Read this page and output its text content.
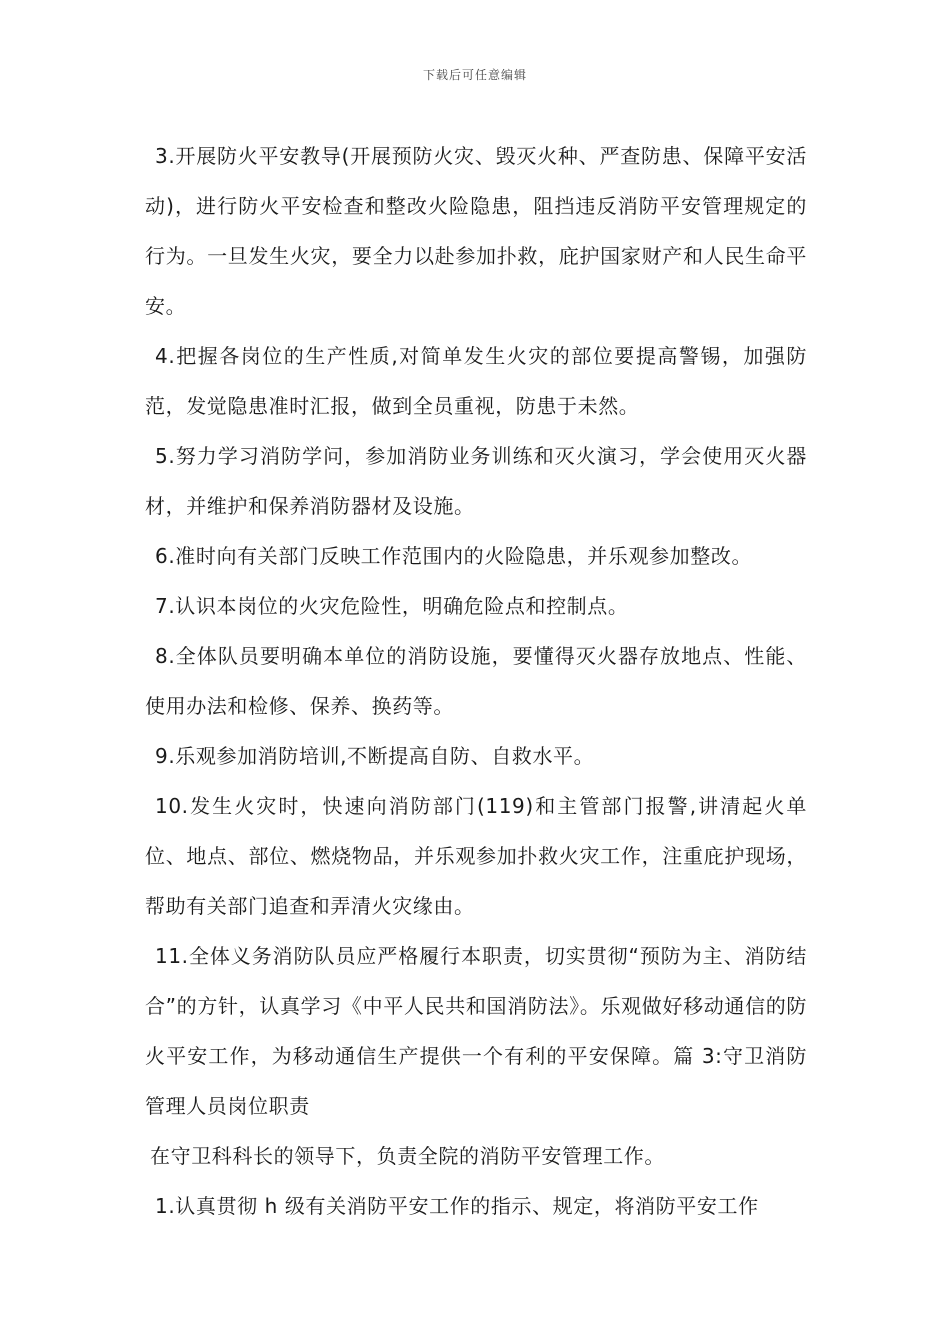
下载后可任意编辑

3.开展防火平安教导(开展预防火灾、毁灭火种、严查防患、保障平安活动)，进行防火平安检查和整改火险隐患，阻挡违反消防平安管理规定的行为。一旦发生火灾，要全力以赴参加扑救，庇护国家财产和人民生命平安。

4.把握各岗位的生产性质,对简单发生火灾的部位要提高警锡，加强防范，发觉隐患准时汇报，做到全员重视，防患于未然。

5.努力学习消防学问，参加消防业务训练和灭火演习，学会使用灭火器材，并维护和保养消防器材及设施。

6.准时向有关部门反映工作范围内的火险隐患，并乐观参加整改。

7.认识本岗位的火灾危险性，明确危险点和控制点。

8.全体队员要明确本单位的消防设施，要懂得灭火器存放地点、性能、使用办法和检修、保养、换药等。

9.乐观参加消防培训,不断提高自防、自救水平。

10.发生火灾时，快速向消防部门(119)和主管部门报警,讲清起火单位、地点、部位、燃烧物品，并乐观参加扑救火灾工作，注重庇护现场，帮助有关部门追查和弄清火灾缘由。

11.全体义务消防队员应严格履行本职责，切实贯彻“预防为主、消防结合”的方针，认真学习《中平人民共和国消防法》。乐观做好移动通信的防火平安工作，为移动通信生产提供一个有利的平安保障。篇 3:守卫消防管理人员岗位职责

在守卫科科长的领导下，负责全院的消防平安管理工作。

1.认真贯彻 h 级有关消防平安工作的指示、规定，将消防平安工作
